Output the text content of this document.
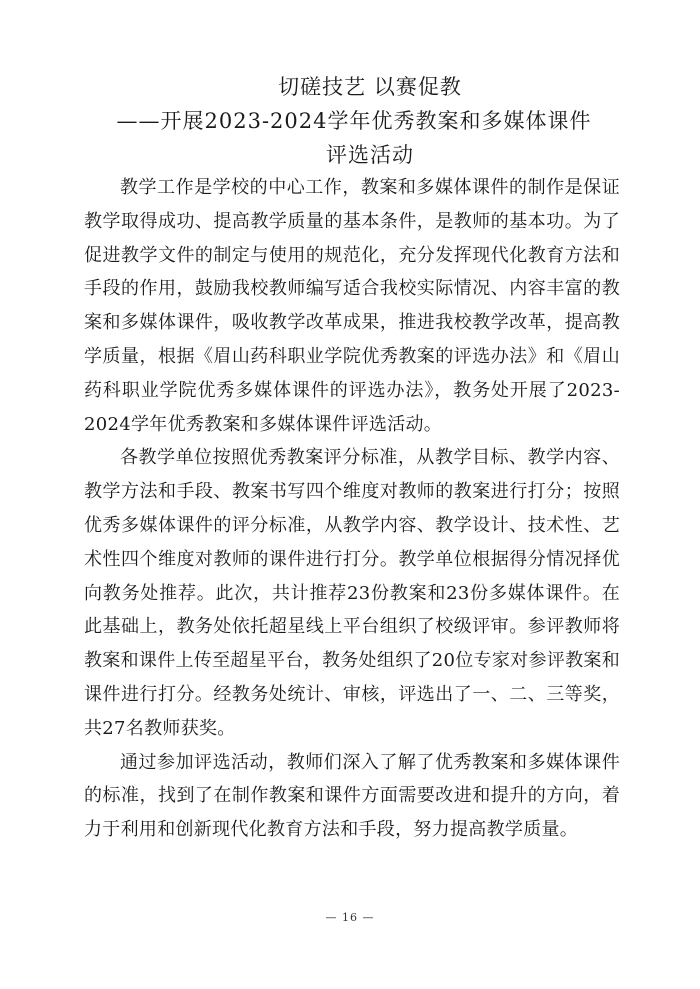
切磋技艺 以赛促教
——开展2023-2024学年优秀教案和多媒体课件
评选活动

教学工作是学校的中心工作，教案和多媒体课件的制作是保证教学取得成功、提高教学质量的基本条件，是教师的基本功。为了促进教学文件的制定与使用的规范化，充分发挥现代化教育方法和手段的作用，鼓励我校教师编写适合我校实际情况、内容丰富的教案和多媒体课件，吸收教学改革成果，推进我校教学改革，提高教学质量，根据《眉山药科职业学院优秀教案的评选办法》和《眉山药科职业学院优秀多媒体课件的评选办法》，教务处开展了2023-2024学年优秀教案和多媒体课件评选活动。

各教学单位按照优秀教案评分标准，从教学目标、教学内容、教学方法和手段、教案书写四个维度对教师的教案进行打分；按照优秀多媒体课件的评分标准，从教学内容、教学设计、技术性、艺术性四个维度对教师的课件进行打分。教学单位根据得分情况择优向教务处推荐。此次，共计推荐23份教案和23份多媒体课件。在此基础上，教务处依托超星线上平台组织了校级评审。参评教师将教案和课件上传至超星平台，教务处组织了20位专家对参评教案和课件进行打分。经教务处统计、审核，评选出了一、二、三等奖，共27名教师获奖。

通过参加评选活动，教师们深入了解了优秀教案和多媒体课件的标准，找到了在制作教案和课件方面需要改进和提升的方向，着力于利用和创新现代化教育方法和手段，努力提高教学质量。

— 16 —
